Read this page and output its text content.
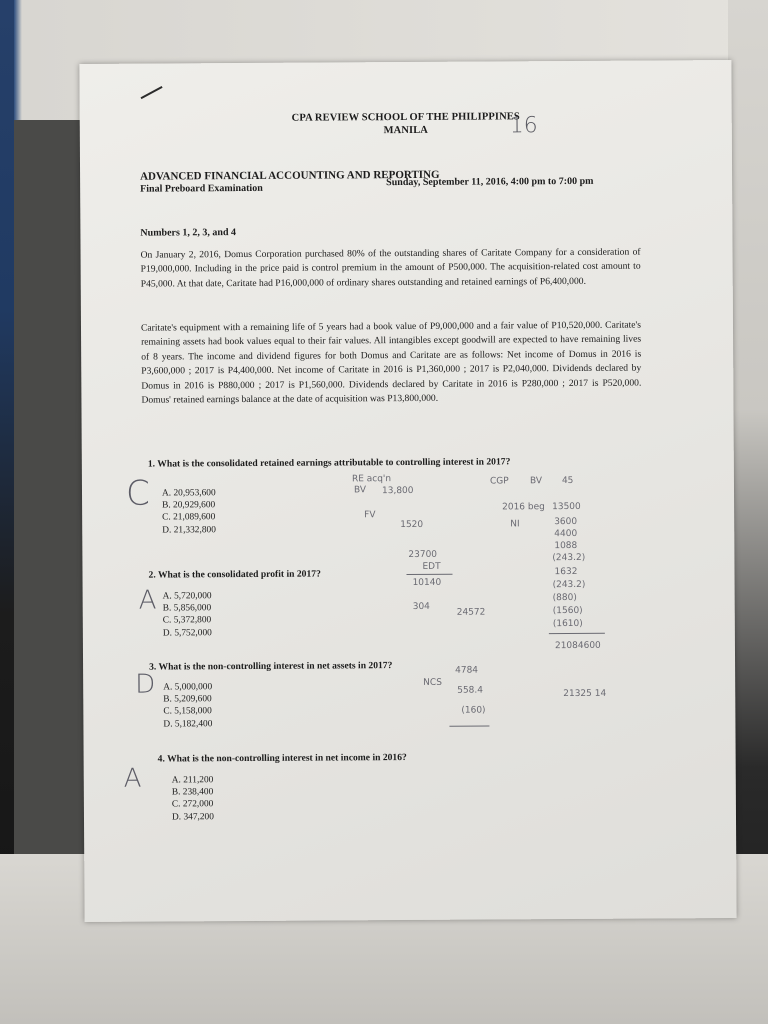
CPA REVIEW SCHOOL OF THE PHILIPPINES
MANILA	16
ADVANCED FINANCIAL ACCOUNTING AND REPORTING
Final Preboard Examination
Sunday, September 11, 2016, 4:00 pm to 7:00 pm
Numbers 1, 2, 3, and 4
On January 2, 2016, Domus Corporation purchased 80% of the outstanding shares of Caritate Company for a consideration of P19,000,000. Including in the price paid is control premium in the amount of P500,000. The acquisition-related cost amount to P45,000. At that date, Caritate had P16,000,000 of ordinary shares outstanding and retained earnings of P6,400,000.
Caritate's equipment with a remaining life of 5 years had a book value of P9,000,000 and a fair value of P10,520,000. Caritate's remaining assets had book values equal to their fair values. All intangibles except goodwill are expected to have remaining lives of 8 years. The income and dividend figures for both Domus and Caritate are as follows: Net income of Domus in 2016 is P3,600,000 ; 2017 is P4,400,000. Net income of Caritate in 2016 is P1,360,000 ; 2017 is P2,040,000. Dividends declared by Domus in 2016 is P880,000 ; 2017 is P1,560,000. Dividends declared by Caritate in 2016 is P280,000 ; 2017 is P520,000. Domus' retained earnings balance at the date of acquisition was P13,800,000.
1. What is the consolidated retained earnings attributable to controlling interest in 2017?
A. 20,953,600
B. 20,929,600
C. 21,089,600
D. 21,332,800
C
2. What is the consolidated profit in 2017?
A. 5,720,000
B. 5,856,000
C. 5,372,800
D. 5,752,000
A
3. What is the non-controlling interest in net assets in 2017?
A. 5,000,000
B. 5,209,600
C. 5,158,000
D. 5,182,400
D
4. What is the non-controlling interest in net income in 2016?
A. 211,200
B. 238,400
C. 272,000
D. 347,200
A
RE acq'n
BV 13,800
FV
1520
CGP BV 45
2016 beg 13500
NI	3600
4400
1088
(243.2)
1632
(243.2)
(880)
(1560)
(1610)
21084600
21325 14
23700
EDT
10140
304
24572
4784
NCS
558.4
(160)
